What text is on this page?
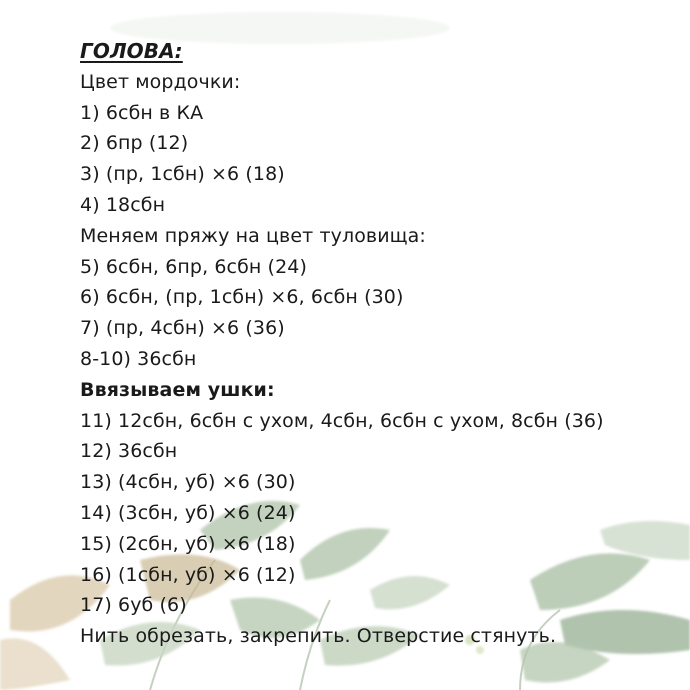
ГОЛОВА:
Цвет мордочки:
1) 6сбн в КА
2) 6пр (12)
3) (пр, 1сбн) ×6 (18)
4) 18сбн
Меняем пряжу на цвет туловища:
5) 6сбн, 6пр, 6сбн (24)
6) 6сбн, (пр, 1сбн) ×6, 6сбн (30)
7) (пр, 4сбн) ×6 (36)
8-10) 36сбн
Ввязываем ушки:
11) 12сбн, 6сбн с ухом, 4сбн, 6сбн с ухом, 8сбн (36)
12) 36сбн
13) (4сбн, уб) ×6 (30)
14) (3сбн, уб) ×6 (24)
15) (2сбн, уб) ×6 (18)
16) (1сбн, уб) ×6 (12)
17) 6уб (6)
Нить обрезать, закрепить. Отверстие стянуть.
